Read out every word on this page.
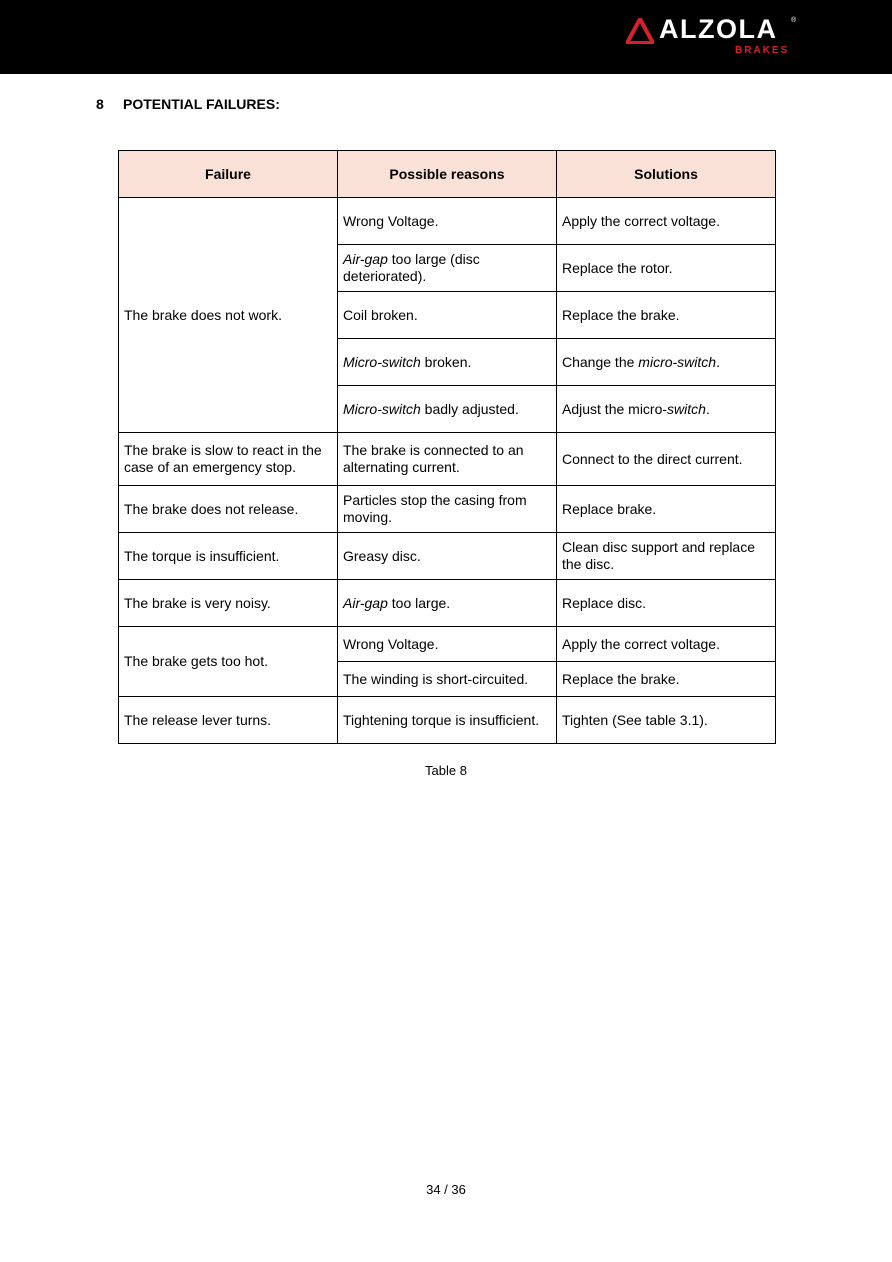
ALZOLA ®
BRAKES
8 POTENTIAL FAILURES:
Failure	Possible reasons	Solutions
The brake does not work.	Wrong Voltage.	Apply the correct voltage.
	Air-gap too large (disc deteriorated).	Replace the rotor.
	Coil broken.	Replace the brake.
	Micro-switch broken.	Change the micro-switch.
	Micro-switch badly adjusted.	Adjust the micro-switch.
The brake is slow to react in the case of an emergency stop.	The brake is connected to an alternating current.	Connect to the direct current.
The brake does not release.	Particles stop the casing from moving.	Replace brake.
The torque is insufficient.	Greasy disc.	Clean disc support and replace the disc.
The brake is very noisy.	Air-gap too large.	Replace disc.
The brake gets too hot.	Wrong Voltage.	Apply the correct voltage.
	The winding is short-circuited.	Replace the brake.
The release lever turns.	Tightening torque is insufficient.	Tighten (See table 3.1).
Table 8
34 / 36
